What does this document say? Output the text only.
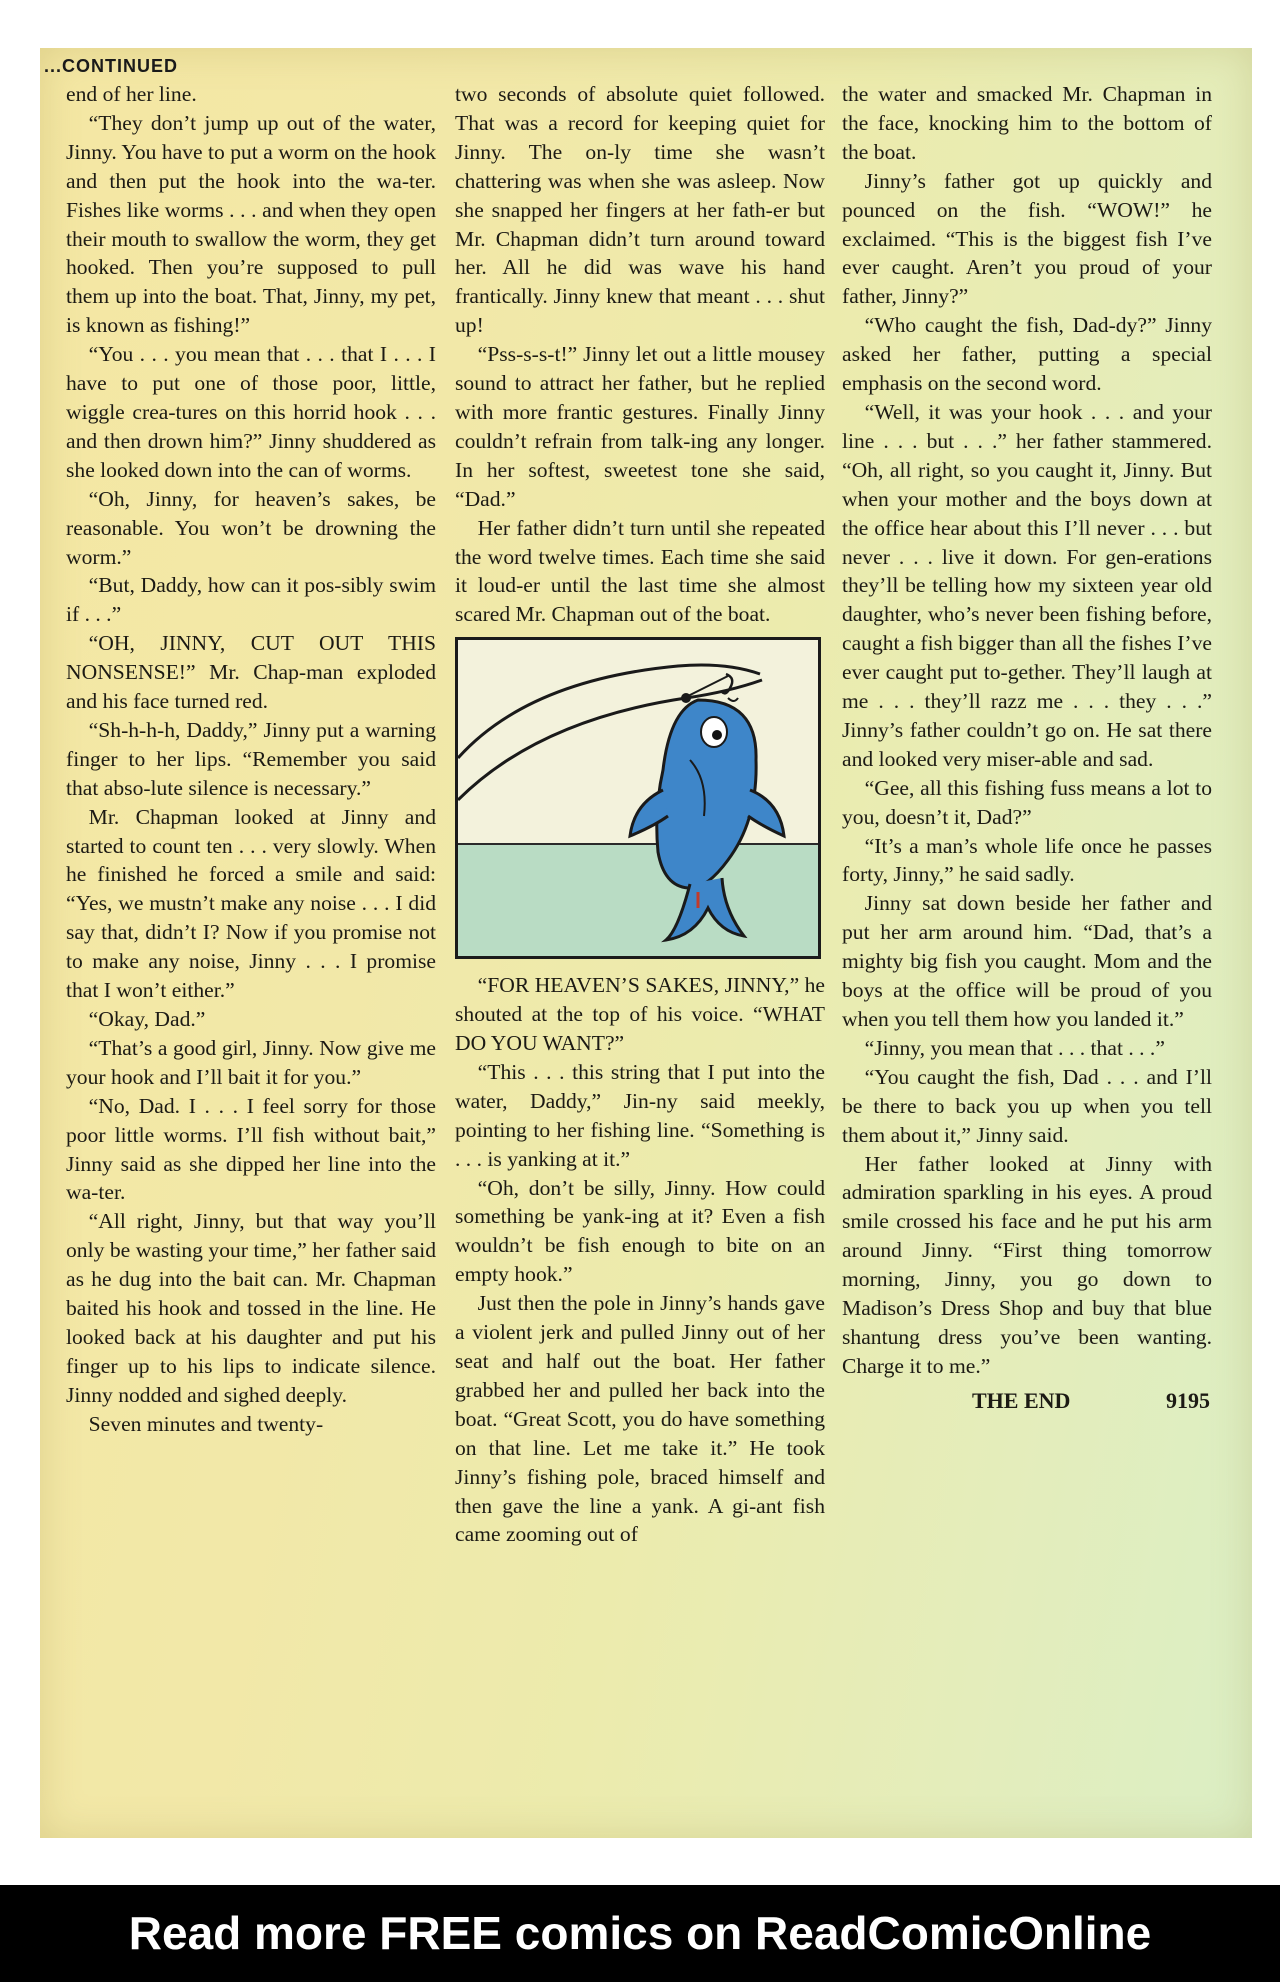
...CONTINUED

end of her line.

“They don’t jump up out of the water, Jinny. You have to put a worm on the hook and then put the hook into the wa-ter. Fishes like worms . . . and when they open their mouth to swallow the worm, they get hooked. Then you’re supposed to pull them up into the boat. That, Jinny, my pet, is known as fishing!”

“You . . . you mean that . . . that I . . . I have to put one of those poor, little, wiggle crea-tures on this horrid hook . . . and then drown him?” Jinny shuddered as she looked down into the can of worms.

“Oh, Jinny, for heaven’s sakes, be reasonable. You won’t be drowning the worm.”

“But, Daddy, how can it pos-sibly swim if . . .”

“OH, JINNY, CUT OUT THIS NONSENSE!” Mr. Chap-man exploded and his face turned red.

“Sh-h-h-h, Daddy,” Jinny put a warning finger to her lips. “Remember you said that abso-lute silence is necessary.”

Mr. Chapman looked at Jinny and started to count ten . . . very slowly. When he finished he forced a smile and said: “Yes, we mustn’t make any noise . . . I did say that, didn’t I? Now if you promise not to make any noise, Jinny . . . I promise that I won’t either.”

“Okay, Dad.”

“That’s a good girl, Jinny. Now give me your hook and I’ll bait it for you.”

“No, Dad. I . . . I feel sorry for those poor little worms. I’ll fish without bait,” Jinny said as she dipped her line into the wa-ter.

“All right, Jinny, but that way you’ll only be wasting your time,” her father said as he dug into the bait can. Mr. Chapman baited his hook and tossed in the line. He looked back at his daughter and put his finger up to his lips to indicate silence. Jinny nodded and sighed deeply.

Seven minutes and twenty-

two seconds of absolute quiet followed. That was a record for keeping quiet for Jinny. The on-ly time she wasn’t chattering was when she was asleep. Now she snapped her fingers at her fath-er but Mr. Chapman didn’t turn around toward her. All he did was wave his hand frantically. Jinny knew that meant . . . shut up!

“Pss-s-s-t!” Jinny let out a little mousey sound to attract her father, but he replied with more frantic gestures. Finally Jinny couldn’t refrain from talk-ing any longer. In her softest, sweetest tone she said, “Dad.”

Her father didn’t turn until she repeated the word twelve times. Each time she said it loud-er until the last time she almost scared Mr. Chapman out of the boat.

“FOR HEAVEN’S SAKES, JINNY,” he shouted at the top of his voice. “WHAT DO YOU WANT?”

“This . . . this string that I put into the water, Daddy,” Jin-ny said meekly, pointing to her fishing line. “Something is . . . is yanking at it.”

“Oh, don’t be silly, Jinny. How could something be yank-ing at it? Even a fish wouldn’t be fish enough to bite on an empty hook.”

Just then the pole in Jinny’s hands gave a violent jerk and pulled Jinny out of her seat and half out the boat. Her father grabbed her and pulled her back into the boat. “Great Scott, you do have something on that line. Let me take it.” He took Jinny’s fishing pole, braced himself and then gave the line a yank. A gi-ant fish came zooming out of

the water and smacked Mr. Chapman in the face, knocking him to the bottom of the boat.

Jinny’s father got up quickly and pounced on the fish. “WOW!” he exclaimed. “This is the biggest fish I’ve ever caught. Aren’t you proud of your father, Jinny?”

“Who caught the fish, Dad-dy?” Jinny asked her father, putting a special emphasis on the second word.

“Well, it was your hook . . . and your line . . . but . . .” her father stammered. “Oh, all right, so you caught it, Jinny. But when your mother and the boys down at the office hear about this I’ll never . . . but never . . . live it down. For gen-erations they’ll be telling how my sixteen year old daughter, who’s never been fishing before, caught a fish bigger than all the fishes I’ve ever caught put to-gether. They’ll laugh at me . . . they’ll razz me . . . they . . .” Jinny’s father couldn’t go on. He sat there and looked very miser-able and sad.

“Gee, all this fishing fuss means a lot to you, doesn’t it, Dad?”

“It’s a man’s whole life once he passes forty, Jinny,” he said sadly.

Jinny sat down beside her father and put her arm around him. “Dad, that’s a mighty big fish you caught. Mom and the boys at the office will be proud of you when you tell them how you landed it.”

“Jinny, you mean that . . . that . . .”

“You caught the fish, Dad . . . and I’ll be there to back you up when you tell them about it,” Jinny said.

Her father looked at Jinny with admiration sparkling in his eyes. A proud smile crossed his face and he put his arm around Jinny. “First thing tomorrow morning, Jinny, you go down to Madison’s Dress Shop and buy that blue shantung dress you’ve been wanting. Charge it to me.”

THE END	9195

Read more FREE comics on ReadComicOnline
